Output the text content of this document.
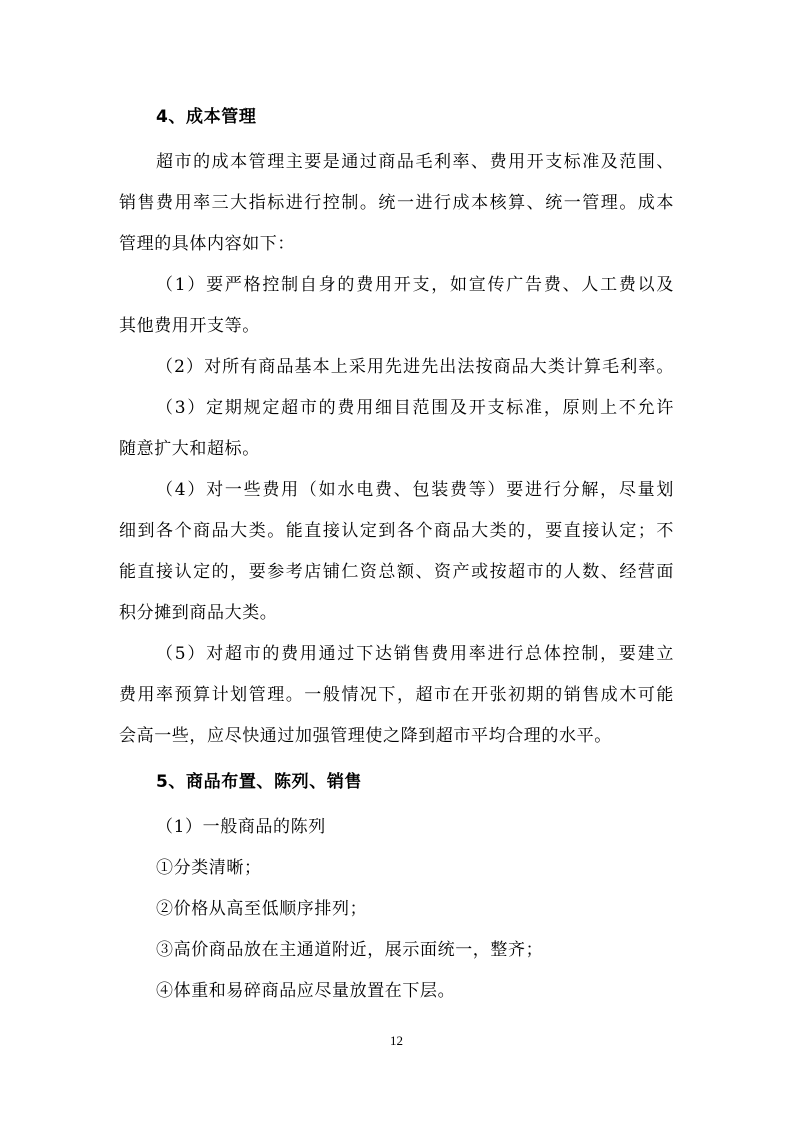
4、成本管理
超市的成本管理主要是通过商品毛利率、费用开支标准及范围、
销售费用率三大指标进行控制。统一进行成本核算、统一管理。成本
管理的具体内容如下：
（1）要严格控制自身的费用开支，如宣传广告费、人工费以及
其他费用开支等。
（2）对所有商品基本上采用先进先出法按商品大类计算毛利率。
（3）定期规定超市的费用细目范围及开支标准，原则上不允许
随意扩大和超标。
（4）对一些费用（如水电费、包装费等）要进行分解，尽量划
细到各个商品大类。能直接认定到各个商品大类的，要直接认定；不
能直接认定的，要参考店铺仁资总额、资产或按超市的人数、经营面
积分摊到商品大类。
（5）对超市的费用通过下达销售费用率进行总体控制，要建立
费用率预算计划管理。一般情况下，超市在开张初期的销售成木可能
会高一些，应尽快通过加强管理使之降到超市平均合理的水平。
5、商品布置、陈列、销售
（1）一般商品的陈列
①分类清晰；
②价格从高至低顺序排列；
③高价商品放在主通道附近，展示面统一，整齐；
④体重和易碎商品应尽量放置在下层。
12
